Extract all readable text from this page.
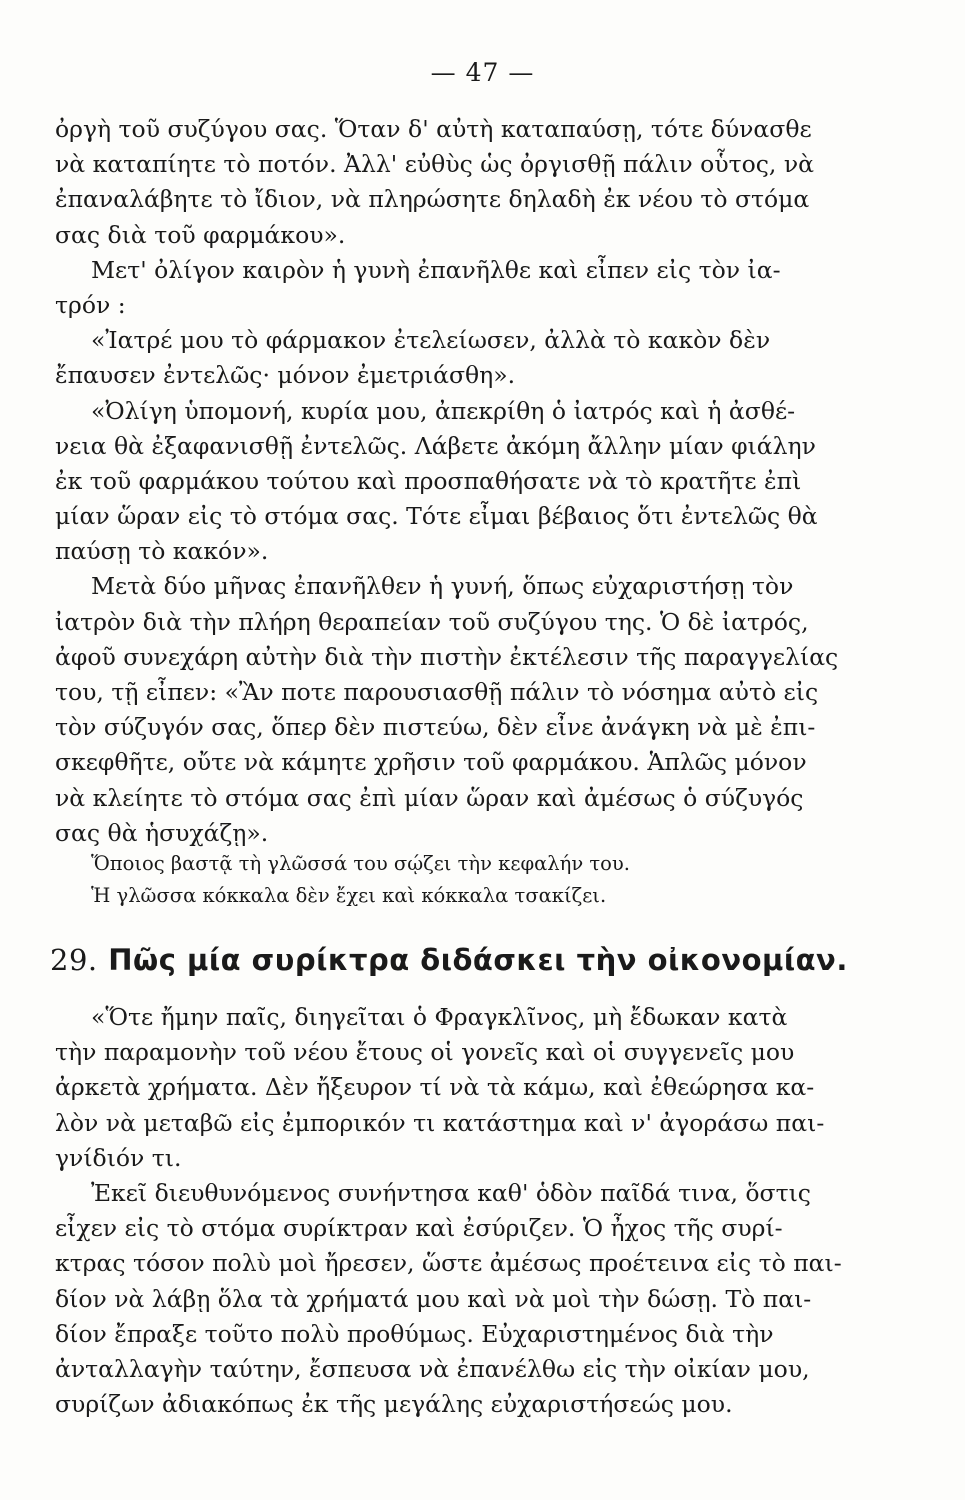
— 47 —
ὀργὴ τοῦ συζύγου σας. Ὅταν δ' αὐτὴ καταπαύσῃ, τότε δύνασθε
νὰ καταπίητε τὸ ποτόν. Ἀλλ' εὐθὺς ὡς ὀργισθῇ πάλιν οὗτος, νὰ
ἐπαναλάβητε τὸ ἴδιον, νὰ πληρώσητε δηλαδὴ ἐκ νέου τὸ στόμα
σας διὰ τοῦ φαρμάκου».
Μετ' ὀλίγον καιρὸν ἡ γυνὴ ἐπανῆλθε καὶ εἶπεν εἰς τὸν ἰα-
τρόν :
«Ἰατρέ μου τὸ φάρμακον ἐτελείωσεν, ἀλλὰ τὸ κακὸν δὲν
ἔπαυσεν ἐντελῶς· μόνον ἐμετριάσθη».
«Ὀλίγη ὑπομονή, κυρία μου, ἀπεκρίθη ὁ ἰατρός καὶ ἡ ἀσθέ-
νεια θὰ ἐξαφανισθῇ ἐντελῶς. Λάβετε ἀκόμη ἄλλην μίαν φιάλην
ἐκ τοῦ φαρμάκου τούτου καὶ προσπαθήσατε νὰ τὸ κρατῆτε ἐπὶ
μίαν ὥραν εἰς τὸ στόμα σας. Τότε εἶμαι βέβαιος ὅτι ἐντελῶς θὰ
παύσῃ τὸ κακόν».
Μετὰ δύο μῆνας ἐπανῆλθεν ἡ γυνή, ὅπως εὐχαριστήσῃ τὸν
ἰατρὸν διὰ τὴν πλήρη θεραπείαν τοῦ συζύγου της. Ὁ δὲ ἰατρός,
ἀφοῦ συνεχάρη αὐτὴν διὰ τὴν πιστὴν ἐκτέλεσιν τῆς παραγγελίας
του, τῇ εἶπεν: «Ἂν ποτε παρουσιασθῇ πάλιν τὸ νόσημα αὐτὸ εἰς
τὸν σύζυγόν σας, ὅπερ δὲν πιστεύω, δὲν εἶνε ἀνάγκη νὰ μὲ ἐπι-
σκεφθῆτε, οὔτε νὰ κάμητε χρῆσιν τοῦ φαρμάκου. Ἁπλῶς μόνον
νὰ κλείητε τὸ στόμα σας ἐπὶ μίαν ὥραν καὶ ἀμέσως ὁ σύζυγός
σας θὰ ἡσυχάζῃ».
Ὅποιος βαστᾷ τὴ γλῶσσά του σῴζει τὴν κεφαλήν του.
Ἡ γλῶσσα κόκκαλα δὲν ἔχει καὶ κόκκαλα τσακίζει.
29. Πῶς μία συρίκτρα διδάσκει τὴν οἰκονομίαν.
«Ὅτε ἤμην παῖς, διηγεῖται ὁ Φραγκλῖνος, μὴ ἔδωκαν κατὰ
τὴν παραμονὴν τοῦ νέου ἔτους οἱ γονεῖς καὶ οἱ συγγενεῖς μου
ἀρκετὰ χρήματα. Δὲν ἤξευρον τί νὰ τὰ κάμω, καὶ ἐθεώρησα κα-
λὸν νὰ μεταβῶ εἰς ἐμπορικόν τι κατάστημα καὶ ν' ἀγοράσω παι-
γνίδιόν τι.
Ἐκεῖ διευθυνόμενος συνήντησα καθ' ὁδὸν παῖδά τινα, ὅστις
εἶχεν εἰς τὸ στόμα συρίκτραν καὶ ἐσύριζεν. Ὁ ἦχος τῆς συρί-
κτρας τόσον πολὺ μοὶ ἤρεσεν, ὥστε ἀμέσως προέτεινα εἰς τὸ παι-
δίον νὰ λάβῃ ὅλα τὰ χρήματά μου καὶ νὰ μοὶ τὴν δώσῃ. Τὸ παι-
δίον ἔπραξε τοῦτο πολὺ προθύμως. Εὐχαριστημένος διὰ τὴν
ἀνταλλαγὴν ταύτην, ἔσπευσα νὰ ἐπανέλθω εἰς τὴν οἰκίαν μου,
συρίζων ἀδιακόπως ἐκ τῆς μεγάλης εὐχαριστήσεώς μου.
